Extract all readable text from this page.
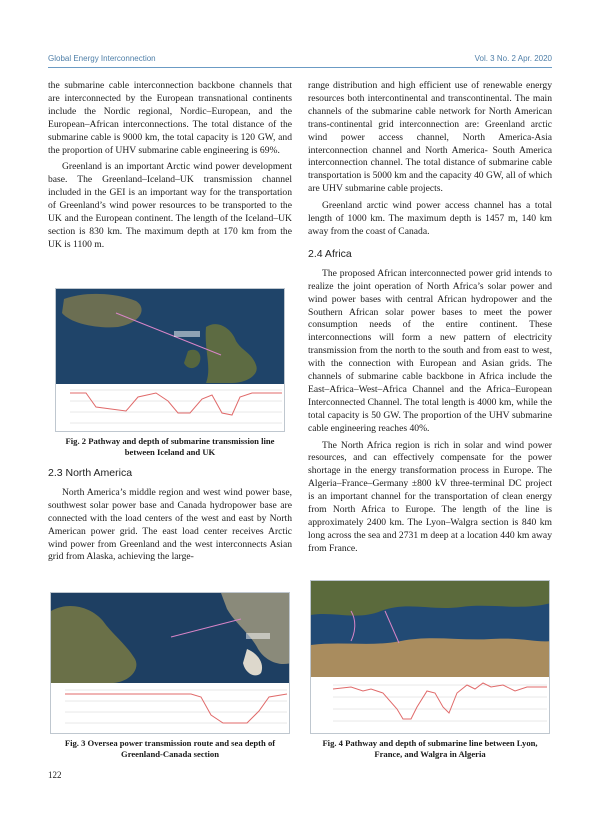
Global Energy Interconnection	Vol. 3 No. 2 Apr. 2020

the submarine cable interconnection backbone channels that are interconnected by the European transnational continents include the Nordic regional, Nordic–European, and the European–African interconnections. The total distance of the submarine cable is 9000 km, the total capacity is 120 GW, and the proportion of UHV submarine cable engineering is 69%.

Greenland is an important Arctic wind power development base. The Greenland–Iceland–UK transmission channel included in the GEI is an important way for the transportation of Greenland’s wind power resources to be transported to the UK and the European continent. The length of the Iceland–UK section is 830 km. The maximum depth at 170 km from the UK is 1100 m.

Fig. 2 Pathway and depth of submarine transmission line between Iceland and UK
2.3 North America

North America’s middle region and west wind power base, southwest solar power base and Canada hydropower base are connected with the load centers of the west and east by North American power grid. The east load center receives Arctic wind power from Greenland and the west interconnects Asian grid from Alaska, achieving the large-

range distribution and high efficient use of renewable energy resources both intercontinental and transcontinental. The main channels of the submarine cable network for North American trans-continental grid interconnection are: Greenland arctic wind power access channel, North America-Asia interconnection channel and North America- South America interconnection channel. The total distance of submarine cable transportation is 5000 km and the capacity 40 GW, all of which are UHV submarine cable projects.

Greenland arctic wind power access channel has a total length of 1000 km. The maximum depth is 1457 m, 140 km away from the coast of Canada.

2.4 Africa

The proposed African interconnected power grid intends to realize the joint operation of North Africa’s solar power and wind power bases with central African hydropower and the Southern African solar power bases to meet the power consumption needs of the entire continent. These interconnections will form a new pattern of electricity transmission from the north to the south and from east to west, with the connection with European and Asian grids. The channels of submarine cable backbone in Africa include the East–Africa–West–Africa Channel and the Africa–European Interconnected Channel. The total length is 4000 km, while the total capacity is 50 GW. The proportion of the UHV submarine cable engineering reaches 40%.

The North Africa region is rich in solar and wind power resources, and can effectively compensate for the power shortage in the energy transformation process in Europe. The Algeria–France–Germany ±800 kV three-terminal DC project is an important channel for the transportation of clean energy from North Africa to Europe. The length of the line is approximately 2400 km. The Lyon–Walgra section is 840 km long across the sea and 2731 m deep at a location 440 km away from France.

Fig. 3 Oversea power transmission route and sea depth of Greenland-Canada section
Fig. 4 Pathway and depth of submarine line between Lyon, France, and Walgra in Algeria
122
